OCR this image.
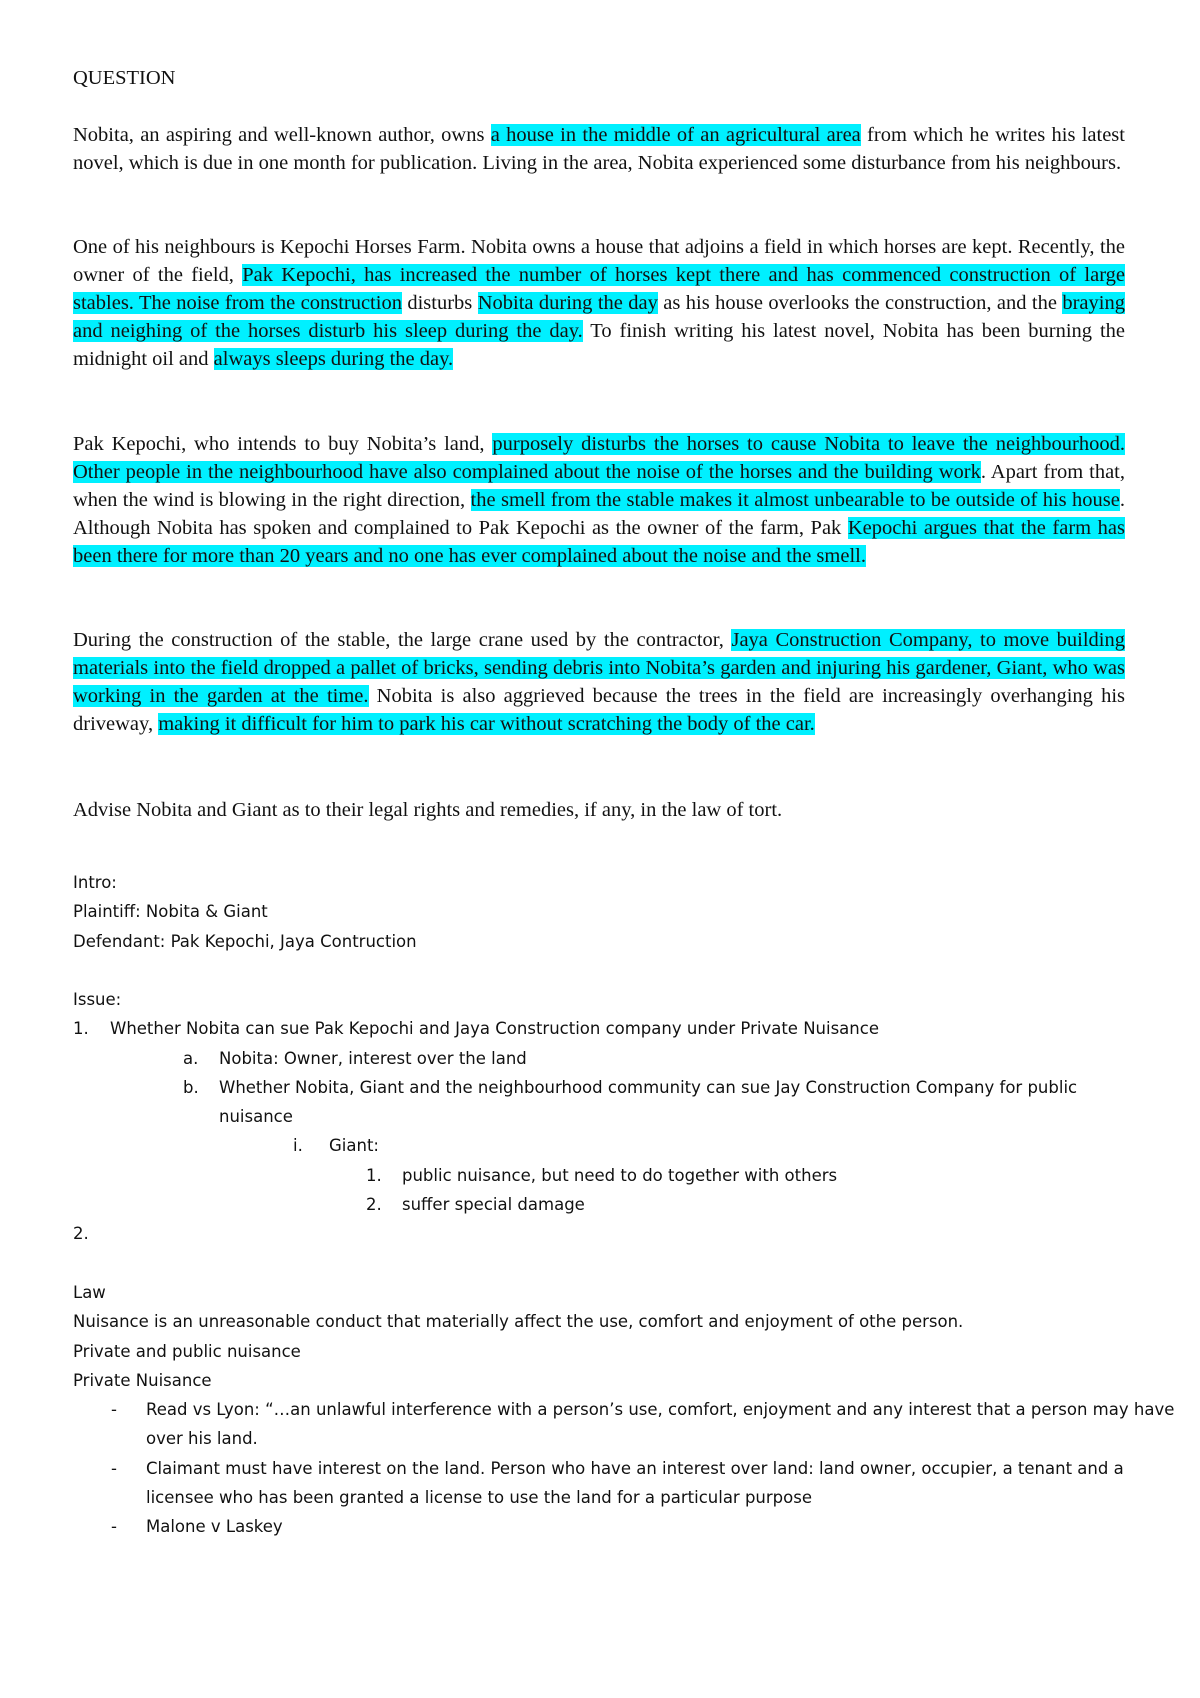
QUESTION
Nobita, an aspiring and well-known author, owns a house in the middle of an agricultural area from which he writes his latest novel, which is due in one month for publication. Living in the area, Nobita experienced some disturbance from his neighbours.
One of his neighbours is Kepochi Horses Farm. Nobita owns a house that adjoins a field in which horses are kept. Recently, the owner of the field, Pak Kepochi, has increased the number of horses kept there and has commenced construction of large stables. The noise from the construction disturbs Nobita during the day as his house overlooks the construction, and the braying and neighing of the horses disturb his sleep during the day. To finish writing his latest novel, Nobita has been burning the midnight oil and always sleeps during the day.
Pak Kepochi, who intends to buy Nobita’s land, purposely disturbs the horses to cause Nobita to leave the neighbourhood. Other people in the neighbourhood have also complained about the noise of the horses and the building work. Apart from that, when the wind is blowing in the right direction, the smell from the stable makes it almost unbearable to be outside of his house. Although Nobita has spoken and complained to Pak Kepochi as the owner of the farm, Pak Kepochi argues that the farm has been there for more than 20 years and no one has ever complained about the noise and the smell.
During the construction of the stable, the large crane used by the contractor, Jaya Construction Company, to move building materials into the field dropped a pallet of bricks, sending debris into Nobita’s garden and injuring his gardener, Giant, who was working in the garden at the time. Nobita is also aggrieved because the trees in the field are increasingly overhanging his driveway, making it difficult for him to park his car without scratching the body of the car.
Advise Nobita and Giant as to their legal rights and remedies, if any, in the law of tort.
Intro:
Plaintiff: Nobita & Giant
Defendant: Pak Kepochi, Jaya Contruction
Issue:
1.	Whether Nobita can sue Pak Kepochi and Jaya Construction company under Private Nuisance
a.	Nobita: Owner, interest over the land
b. Whether Nobita, Giant and the neighbourhood community can sue Jay Construction Company for public nuisance
i.	Giant:
1.	public nuisance, but need to do together with others
2.	suffer special damage
2.
Law
Nuisance is an unreasonable conduct that materially affect the use, comfort and enjoyment of othe person.
Private and public nuisance
Private Nuisance
- Read vs Lyon: “…an unlawful interference with a person’s use, comfort, enjoyment and any interest that a person may have over his land.
- Claimant must have interest on the land. Person who have an interest over land: land owner, occupier, a tenant and a licensee who has been granted a license to use the land for a particular purpose
- Malone v Laskey
